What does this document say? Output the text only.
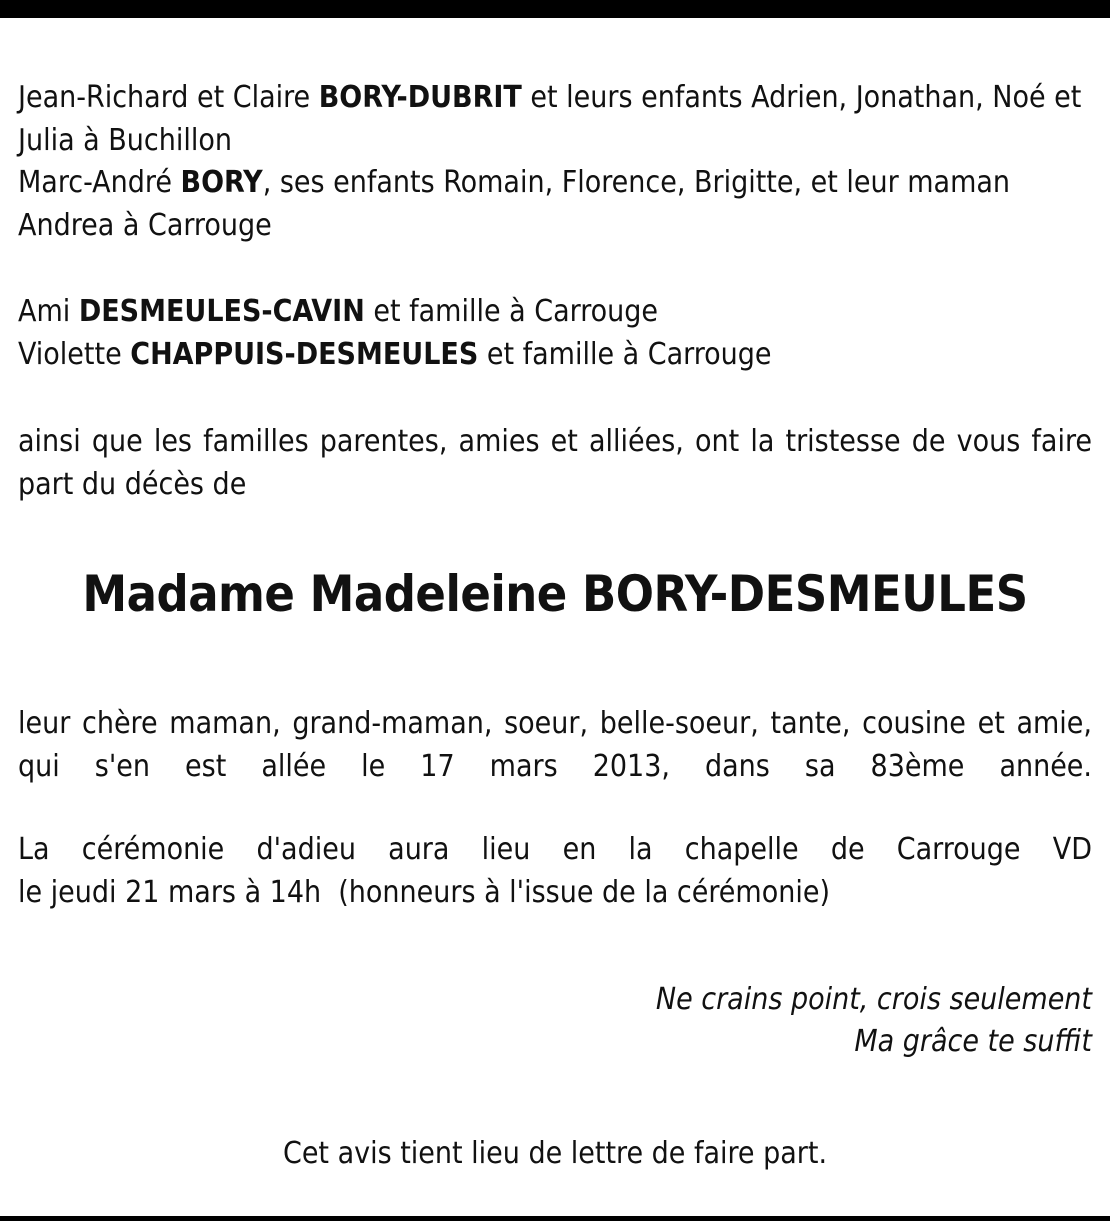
Jean-Richard et Claire BORY-DUBRIT et leurs enfants Adrien, Jonathan, Noé et Julia à Buchillon
Marc-André BORY, ses enfants Romain, Florence, Brigitte, et leur maman Andrea à Carrouge
Ami DESMEULES-CAVIN et famille à Carrouge
Violette CHAPPUIS-DESMEULES et famille à Carrouge
ainsi que les familles parentes, amies et alliées, ont la tristesse de vous faire part du décès de
Madame Madeleine BORY-DESMEULES
leur chère maman, grand-maman, soeur, belle-soeur, tante, cousine et amie, qui s'en est allée le 17 mars 2013, dans sa 83ème année.
La cérémonie d'adieu aura lieu en la chapelle de Carrouge VD
le jeudi 21 mars à 14h  (honneurs à l'issue de la cérémonie)
Ne crains point, crois seulement
Ma grâce te suffit
Cet avis tient lieu de lettre de faire part.
